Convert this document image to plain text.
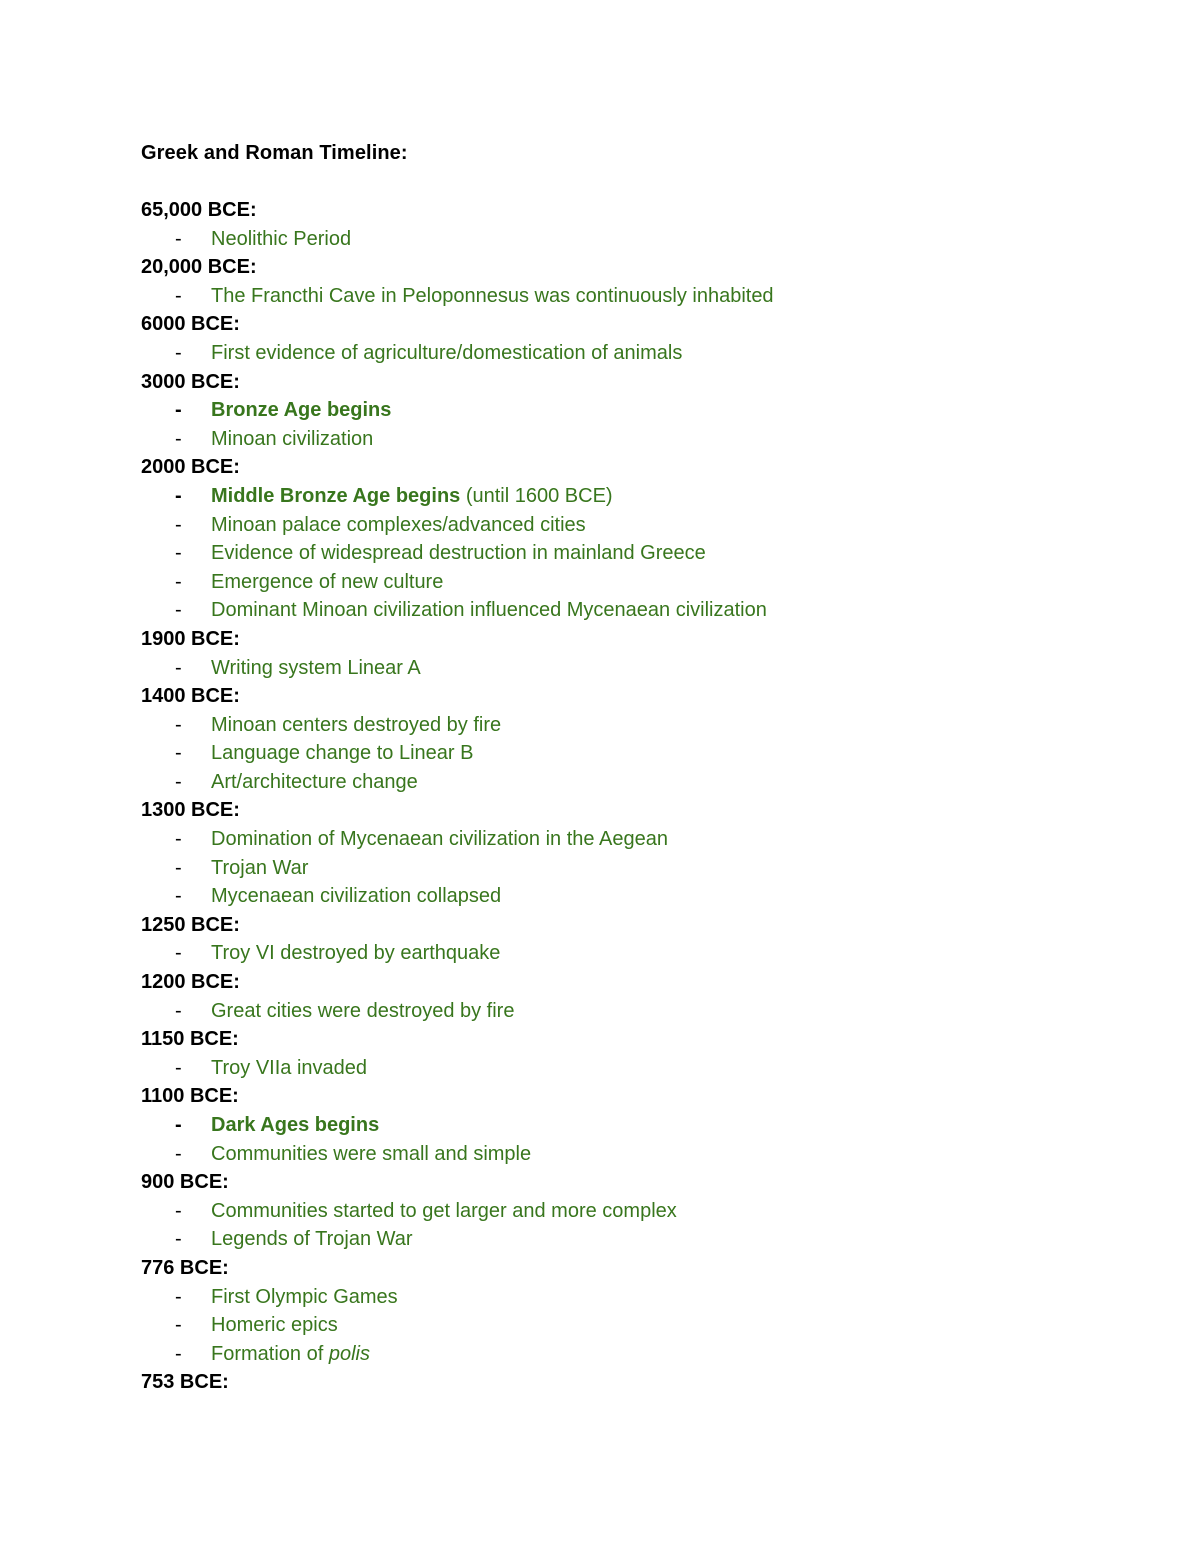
Greek and Roman Timeline:
65,000 BCE:
- Neolithic Period
20,000 BCE:
- The Francthi Cave in Peloponnesus was continuously inhabited
6000 BCE:
- First evidence of agriculture/domestication of animals
3000 BCE:
- Bronze Age begins
- Minoan civilization
2000 BCE:
- Middle Bronze Age begins (until 1600 BCE)
- Minoan palace complexes/advanced cities
- Evidence of widespread destruction in mainland Greece
- Emergence of new culture
- Dominant Minoan civilization influenced Mycenaean civilization
1900 BCE:
- Writing system Linear A
1400 BCE:
- Minoan centers destroyed by fire
- Language change to Linear B
- Art/architecture change
1300 BCE:
- Domination of Mycenaean civilization in the Aegean
- Trojan War
- Mycenaean civilization collapsed
1250 BCE:
- Troy VI destroyed by earthquake
1200 BCE:
- Great cities were destroyed by fire
1150 BCE:
- Troy VIIa invaded
1100 BCE:
- Dark Ages begins
- Communities were small and simple
900 BCE:
- Communities started to get larger and more complex
- Legends of Trojan War
776 BCE:
- First Olympic Games
- Homeric epics
- Formation of polis
753 BCE:
